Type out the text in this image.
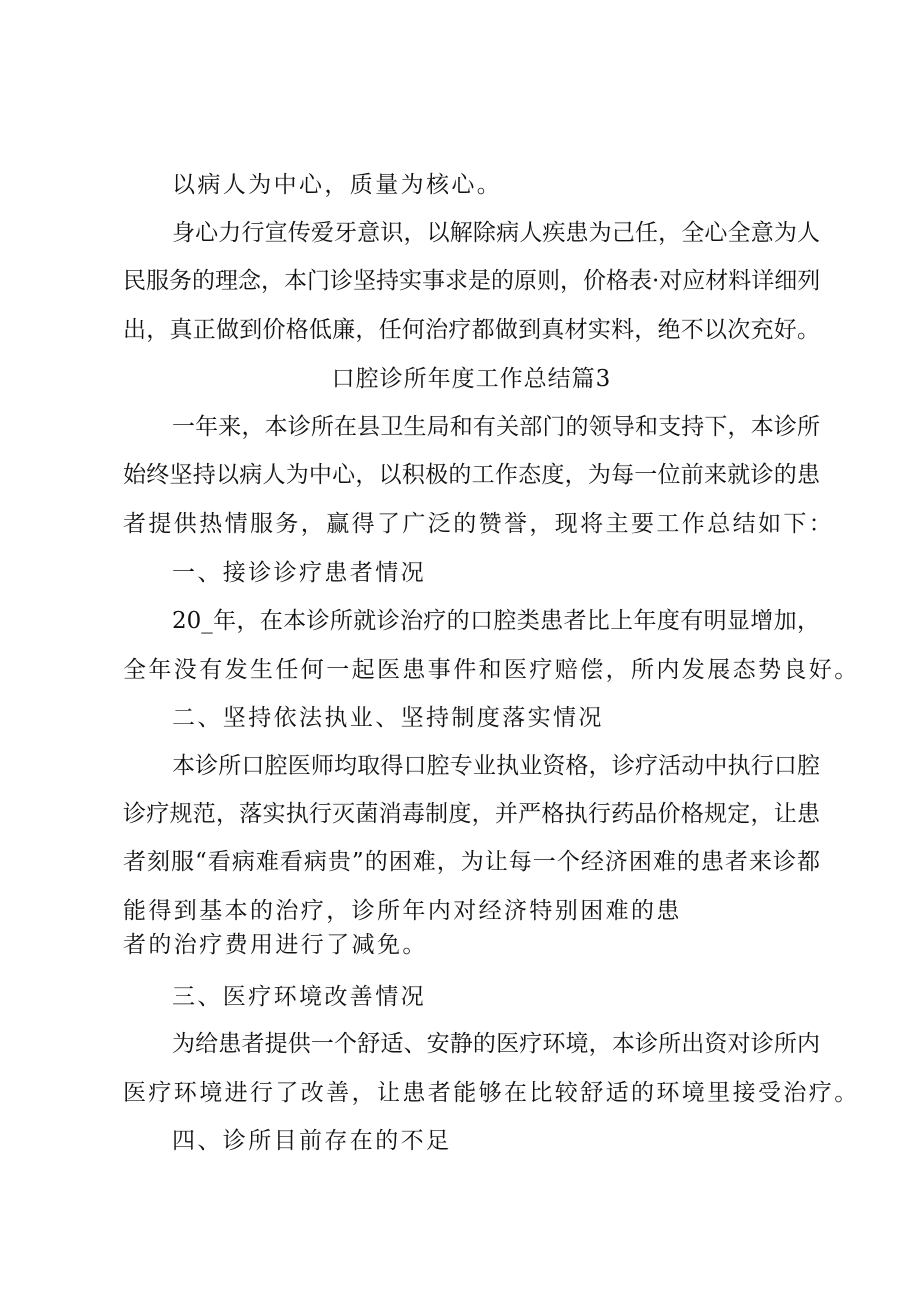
以病人为中心，质量为核心。

身心力行宣传爱牙意识，以解除病人疾患为己任，全心全意为人

民服务的理念，本门诊坚持实事求是的原则，价格表·对应材料详细列

出，真正做到价格低廉，任何治疗都做到真材实料，绝不以次充好。

口腔诊所年度工作总结篇3

一年来，本诊所在县卫生局和有关部门的领导和支持下，本诊所

始终坚持以病人为中心，以积极的工作态度，为每一位前来就诊的患

者提供热情服务，赢得了广泛的赞誉，现将主要工作总结如下：

一、接诊诊疗患者情况

20_年，在本诊所就诊治疗的口腔类患者比上年度有明显增加，

全年没有发生任何一起医患事件和医疗赔偿，所内发展态势良好。

二、坚持依法执业、坚持制度落实情况

本诊所口腔医师均取得口腔专业执业资格，诊疗活动中执行口腔

诊疗规范，落实执行灭菌消毒制度，并严格执行药品价格规定，让患

者刻服“看病难看病贵”的困难，为让每一个经济困难的患者来诊都

能得到基本的治疗，诊所年内对经济特别困难的患

者的治疗费用进行了减免。

三、医疗环境改善情况

为给患者提供一个舒适、安静的医疗环境，本诊所出资对诊所内

医疗环境进行了改善，让患者能够在比较舒适的环境里接受治疗。

四、诊所目前存在的不足
